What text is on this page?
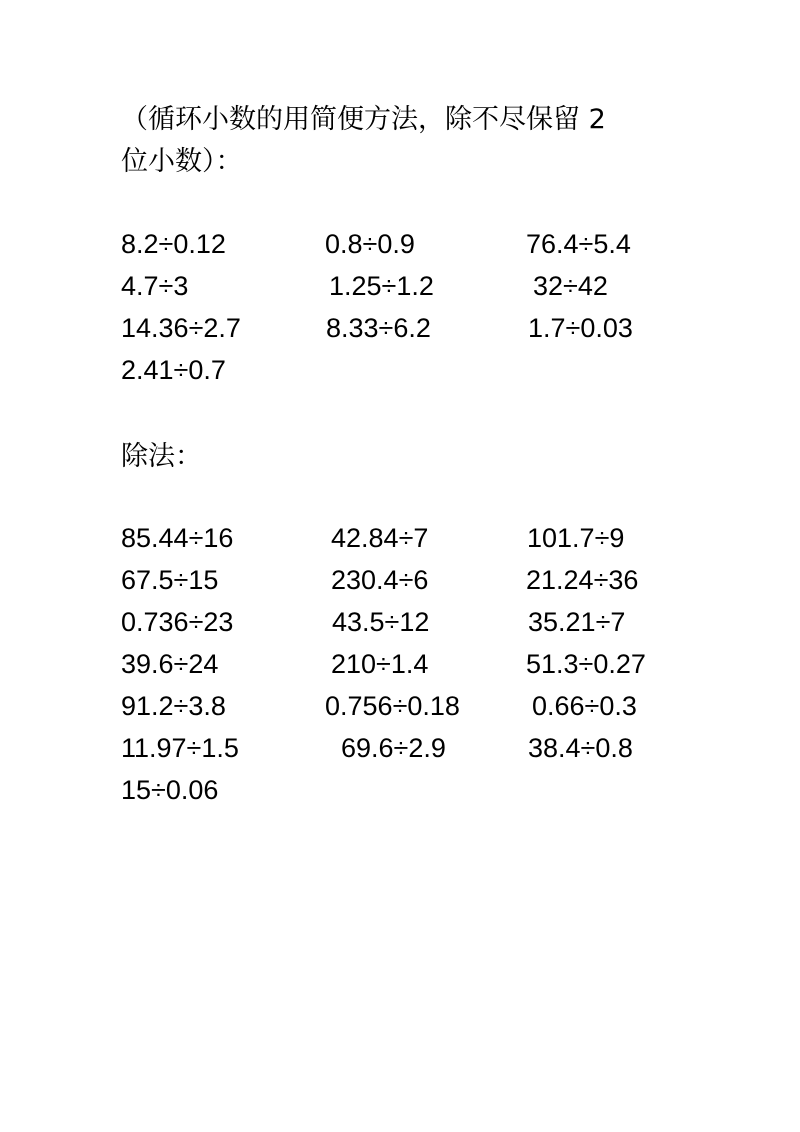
（循环小数的用简便方法，除不尽保留 2
位小数）：
8.2÷0.12	0.8÷0.9	76.4÷5.4
4.7÷3	1.25÷1.2	32÷42
14.36÷2.7	8.33÷6.2	1.7÷0.03
2.41÷0.7
除法：
85.44÷16	42.84÷7	101.7÷9
67.5÷15	230.4÷6	21.24÷36
0.736÷23	43.5÷12	35.21÷7
39.6÷24	210÷1.4	51.3÷0.27
91.2÷3.8	0.756÷0.18	0.66÷0.3
11.97÷1.5	69.6÷2.9	38.4÷0.8
15÷0.06
